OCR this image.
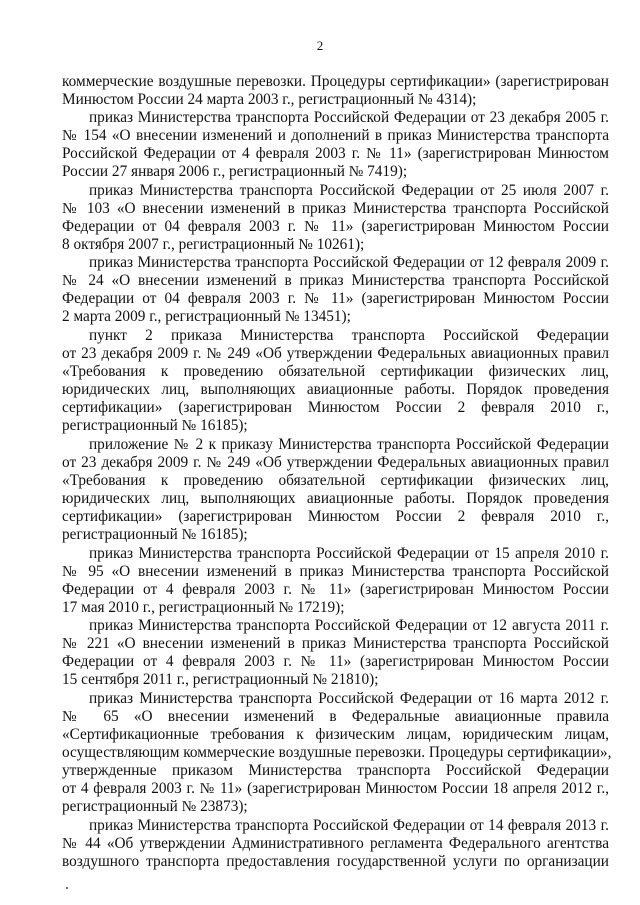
2
коммерческие воздушные перевозки. Процедуры сертификации» (зарегистрирован
Минюстом России 24 марта 2003 г., регистрационный № 4314);
приказ Министерства транспорта Российской Федерации от 23 декабря 2005 г.
№ 154 «О внесении изменений и дополнений в приказ Министерства транспорта
Российской Федерации от 4 февраля 2003 г. № 11» (зарегистрирован Минюстом
России 27 января 2006 г., регистрационный № 7419);
приказ Министерства транспорта Российской Федерации от 25 июля 2007 г.
№ 103 «О внесении изменений в приказ Министерства транспорта Российской
Федерации от 04 февраля 2003 г. № 11» (зарегистрирован Минюстом России
8 октября 2007 г., регистрационный № 10261);
приказ Министерства транспорта Российской Федерации от 12 февраля 2009 г.
№ 24 «О внесении изменений в приказ Министерства транспорта Российской
Федерации от 04 февраля 2003 г. № 11» (зарегистрирован Минюстом России
2 марта 2009 г., регистрационный № 13451);
пункт 2 приказа Министерства транспорта Российской Федерации
от 23 декабря 2009 г. № 249 «Об утверждении Федеральных авиационных правил
«Требования к проведению обязательной сертификации физических лиц,
юридических лиц, выполняющих авиационные работы. Порядок проведения
сертификации» (зарегистрирован Минюстом России 2 февраля 2010 г.,
регистрационный № 16185);
приложение № 2 к приказу Министерства транспорта Российской Федерации
от 23 декабря 2009 г. № 249 «Об утверждении Федеральных авиационных правил
«Требования к проведению обязательной сертификации физических лиц,
юридических лиц, выполняющих авиационные работы. Порядок проведения
сертификации» (зарегистрирован Минюстом России 2 февраля 2010 г.,
регистрационный № 16185);
приказ Министерства транспорта Российской Федерации от 15 апреля 2010 г.
№ 95 «О внесении изменений в приказ Министерства транспорта Российской
Федерации от 4 февраля 2003 г. № 11» (зарегистрирован Минюстом России
17 мая 2010 г., регистрационный № 17219);
приказ Министерства транспорта Российской Федерации от 12 августа 2011 г.
№ 221 «О внесении изменений в приказ Министерства транспорта Российской
Федерации от 4 февраля 2003 г. № 11» (зарегистрирован Минюстом России
15 сентября 2011 г., регистрационный № 21810);
приказ Министерства транспорта Российской Федерации от 16 марта 2012 г.
№ 65 «О внесении изменений в Федеральные авиационные правила
«Сертификационные требования к физическим лицам, юридическим лицам,
осуществляющим коммерческие воздушные перевозки. Процедуры сертификации»,
утвержденные приказом Министерства транспорта Российской Федерации
от 4 февраля 2003 г. № 11» (зарегистрирован Минюстом России 18 апреля 2012 г.,
регистрационный № 23873);
приказ Министерства транспорта Российской Федерации от 14 февраля 2013 г.
№ 44 «Об утверждении Административного регламента Федерального агентства
воздушного транспорта предоставления государственной услуги по организации
